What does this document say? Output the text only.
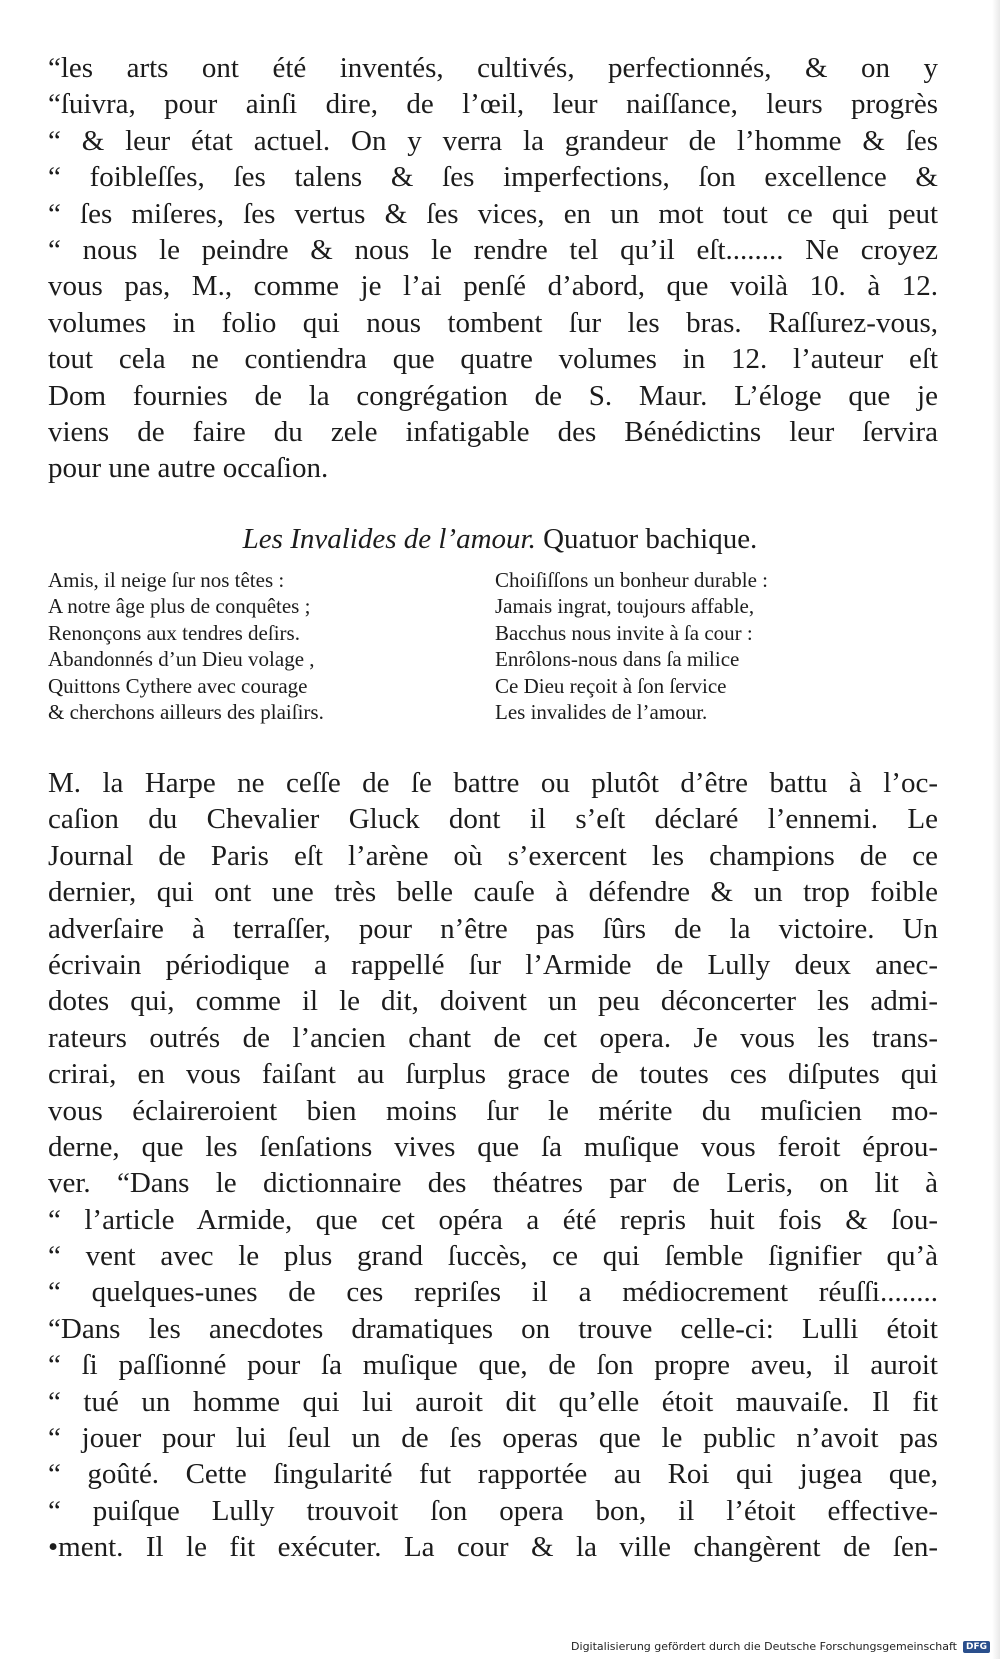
“les arts ont été inventés, cultivés, perfectionnés, & on y
“ſuivra, pour ainſi dire, de l’œil, leur naiſſance, leurs progrès
“ & leur état actuel. On y verra la grandeur de l’homme & ſes
“ foibleſſes, ſes talens & ſes imperfections, ſon excellence &
“ ſes miſeres, ſes vertus & ſes vices, en un mot tout ce qui peut
“ nous le peindre & nous le rendre tel qu’il eſt........ Ne croyez
vous pas, M., comme je l’ai penſé d’abord, que voilà 10. à 12.
volumes in folio qui nous tombent ſur les bras. Raſſurez-vous,
tout cela ne contiendra que quatre volumes in 12. l’auteur eſt
Dom fournies de la congrégation de S. Maur. L’éloge que je
viens de faire du zele infatigable des Bénédictins leur ſervira
pour une autre occaſion.
Les Invalides de l’amour. Quatuor bachique.
Amis, il neige ſur nos têtes :
A notre âge plus de conquêtes ;
Renonçons aux tendres deſirs.
Abandonnés d’un Dieu volage ,
Quittons Cythere avec courage
& cherchons ailleurs des plaiſirs.
Choiſiſſons un bonheur durable :
Jamais ingrat, toujours affable,
Bacchus nous invite à ſa cour :
Enrôlons-nous dans ſa milice
Ce Dieu reçoit à ſon ſervice
Les invalides de l’amour.
M. la Harpe ne ceſſe de ſe battre ou plutôt d’être battu à l’oc-
caſion du Chevalier Gluck dont il s’eſt déclaré l’ennemi. Le
Journal de Paris eſt l’arène où s’exercent les champions de ce
dernier, qui ont une très belle cauſe à défendre & un trop foible
adverſaire à terraſſer, pour n’être pas ſûrs de la victoire. Un
écrivain périodique a rappellé ſur l’Armide de Lully deux anec-
dotes qui, comme il le dit, doivent un peu déconcerter les admi-
rateurs outrés de l’ancien chant de cet opera. Je vous les trans-
crirai, en vous faiſant au ſurplus grace de toutes ces diſputes qui
vous éclaireroient bien moins ſur le mérite du muſicien mo-
derne, que les ſenſations vives que ſa muſique vous feroit éprou-
ver. “Dans le dictionnaire des théatres par de Leris, on lit à
“ l’article Armide, que cet opéra a été repris huit fois & ſou-
“ vent avec le plus grand ſuccès, ce qui ſemble ſignifier qu’à
“ quelques-unes de ces repriſes il a médiocrement réuſſi........
“Dans les anecdotes dramatiques on trouve celle-ci: Lulli étoit
“ ſi paſſionné pour ſa muſique que, de ſon propre aveu, il auroit
“ tué un homme qui lui auroit dit qu’elle étoit mauvaiſe. Il fit
“ jouer pour lui ſeul un de ſes operas que le public n’avoit pas
“ goûté. Cette ſingularité fut rapportée au Roi qui jugea que,
“ puiſque Lully trouvoit ſon opera bon, il l’étoit effective-
•ment. Il le fit exécuter. La cour & la ville changèrent de ſen-
Digitalisierung gefördert durch die Deutsche Forschungsgemeinschaft	DFG
